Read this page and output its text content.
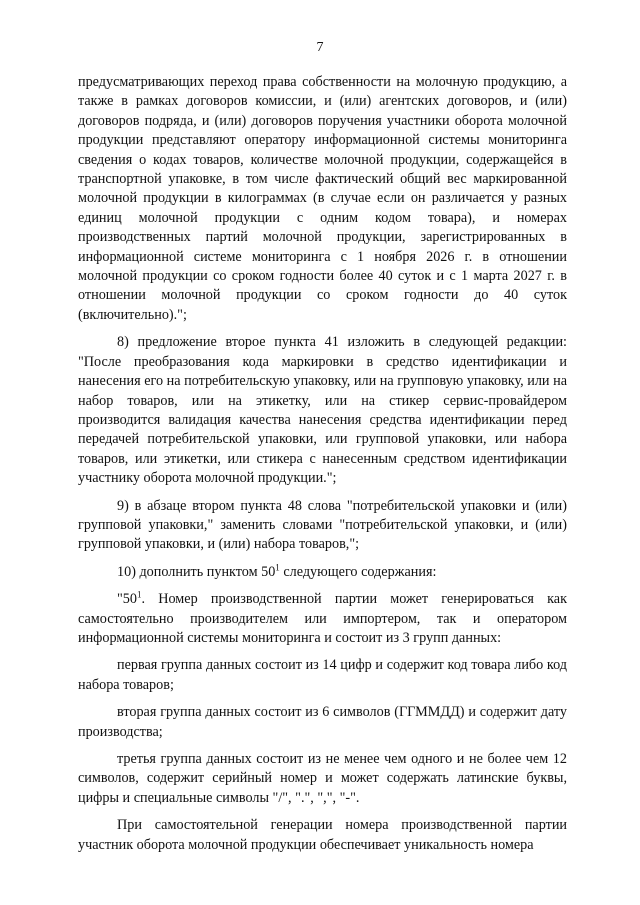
7

предусматривающих переход права собственности на молочную продукцию, а также в рамках договоров комиссии, и (или) агентских договоров, и (или) договоров подряда, и (или) договоров поручения участники оборота молочной продукции представляют оператору информационной системы мониторинга сведения о кодах товаров, количестве молочной продукции, содержащейся в транспортной упаковке, в том числе фактический общий вес маркированной молочной продукции в килограммах (в случае если он различается у разных единиц молочной продукции с одним кодом товара), и номерах производственных партий молочной продукции, зарегистрированных в информационной системе мониторинга с 1 ноября 2026 г. в отношении молочной продукции со сроком годности более 40 суток и с 1 марта 2027 г. в отношении молочной продукции со сроком годности до 40 суток (включительно).";

8) предложение второе пункта 41 изложить в следующей редакции: "После преобразования кода маркировки в средство идентификации и нанесения его на потребительскую упаковку, или на групповую упаковку, или на набор товаров, или на этикетку, или на стикер сервис-провайдером производится валидация качества нанесения средства идентификации перед передачей потребительской упаковки, или групповой упаковки, или набора товаров, или этикетки, или стикера с нанесенным средством идентификации участнику оборота молочной продукции.";

9) в абзаце втором пункта 48 слова "потребительской упаковки и (или) групповой упаковки," заменить словами "потребительской упаковки, и (или) групповой упаковки, и (или) набора товаров,";

10) дополнить пунктом $50^1$ следующего содержания:

"$50^1$. Номер производственной партии может генерироваться как самостоятельно производителем или импортером, так и оператором информационной системы мониторинга и состоит из 3 групп данных:

первая группа данных состоит из 14 цифр и содержит код товара либо код набора товаров;

вторая группа данных состоит из 6 символов (ГГММДД) и содержит дату производства;

третья группа данных состоит из не менее чем одного и не более чем 12 символов, содержит серийный номер и может содержать латинские буквы, цифры и специальные символы "/", ".", ",", "-".

При самостоятельной генерации номера производственной партии участник оборота молочной продукции обеспечивает уникальность номера
